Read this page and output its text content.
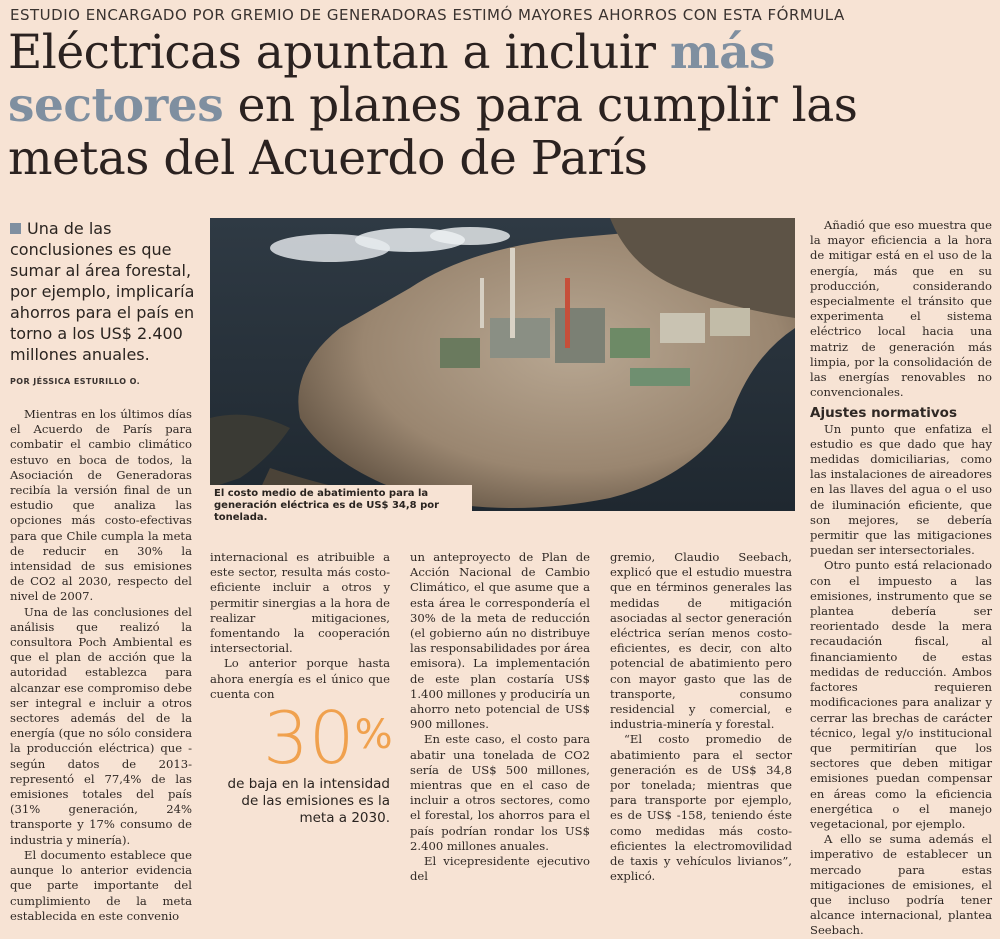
ESTUDIO ENCARGADO POR GREMIO DE GENERADORAS ESTIMÓ MAYORES AHORROS CON ESTA FÓRMULA
Eléctricas apuntan a incluir más sectores en planes para cumplir las metas del Acuerdo de París
Una de las conclusiones es que sumar al área forestal, por ejemplo, implicaría ahorros para el país en torno a los US$ 2.400 millones anuales.
POR JÉSSICA ESTURILLO O.

Mientras en los últimos días el Acuerdo de París para combatir el cambio climático estuvo en boca de todos, la Asociación de Generadoras recibía la versión final de un estudio que analiza las opciones más costo-efectivas para que Chile cumpla la meta de reducir en 30% la intensidad de sus emisiones de CO2 al 2030, respecto del nivel de 2007.

Una de las conclusiones del análisis que realizó la consultora Poch Ambiental es que el plan de acción que la autoridad establezca para alcanzar ese compromiso debe ser integral e incluir a otros sectores además del de la energía (que no sólo considera la producción eléctrica) que -según datos de 2013- representó el 77,4% de las emisiones totales del país (31% generación, 24% transporte y 17% consumo de industria y minería).

El documento establece que aunque lo anterior evidencia que parte importante del cumplimiento de la meta establecida en este convenio

El costo medio de abatimiento para la generación eléctrica es de US$ 34,8 por tonelada.

internacional es atribuible a este sector, resulta más costo-eficiente incluir a otros y permitir sinergias a la hora de realizar mitigaciones, fomentando la cooperación intersectorial.

Lo anterior porque hasta ahora energía es el único que cuenta con

30%
de baja en la intensidad de las emisiones es la meta a 2030.

un anteproyecto de Plan de Acción Nacional de Cambio Climático, el que asume que a esta área le correspondería el 30% de la meta de reducción (el gobierno aún no distribuye las responsabilidades por área emisora). La implementación de este plan costaría US$ 1.400 millones y produciría un ahorro neto potencial de US$ 900 millones.

En este caso, el costo para abatir una tonelada de CO2 sería de US$ 500 millones, mientras que en el caso de incluir a otros sectores, como el forestal, los ahorros para el país podrían rondar los US$ 2.400 millones anuales.

El vicepresidente ejecutivo del

gremio, Claudio Seebach, explicó que el estudio muestra que en términos generales las medidas de mitigación asociadas al sector generación eléctrica serían menos costo-eficientes, es decir, con alto potencial de abatimiento pero con mayor gasto que las de transporte, consumo residencial y comercial, e industria-minería y forestal.

“El costo promedio de abatimiento para el sector generación es de US$ 34,8 por tonelada; mientras que para transporte por ejemplo, es de US$ -158, teniendo éste como medidas más costo-eficientes la electromovilidad de taxis y vehículos livianos”, explicó.

Añadió que eso muestra que la mayor eficiencia a la hora de mitigar está en el uso de la energía, más que en su producción, considerando especialmente el tránsito que experimenta el sistema eléctrico local hacia una matriz de generación más limpia, por la consolidación de las energías renovables no convencionales.

Ajustes normativos

Un punto que enfatiza el estudio es que dado que hay medidas domiciliarias, como las instalaciones de aireadores en las llaves del agua o el uso de iluminación eficiente, que son mejores, se debería permitir que las mitigaciones puedan ser intersectoriales.

Otro punto está relacionado con el impuesto a las emisiones, instrumento que se plantea debería ser reorientado desde la mera recaudación fiscal, al financiamiento de estas medidas de reducción. Ambos factores requieren modificaciones para analizar y cerrar las brechas de carácter técnico, legal y/o institucional que permitirían que los sectores que deben mitigar emisiones puedan compensar en áreas como la eficiencia energética o el manejo vegetacional, por ejemplo.

A ello se suma además el imperativo de establecer un mercado para estas mitigaciones de emisiones, el que incluso podría tener alcance internacional, plantea Seebach.
